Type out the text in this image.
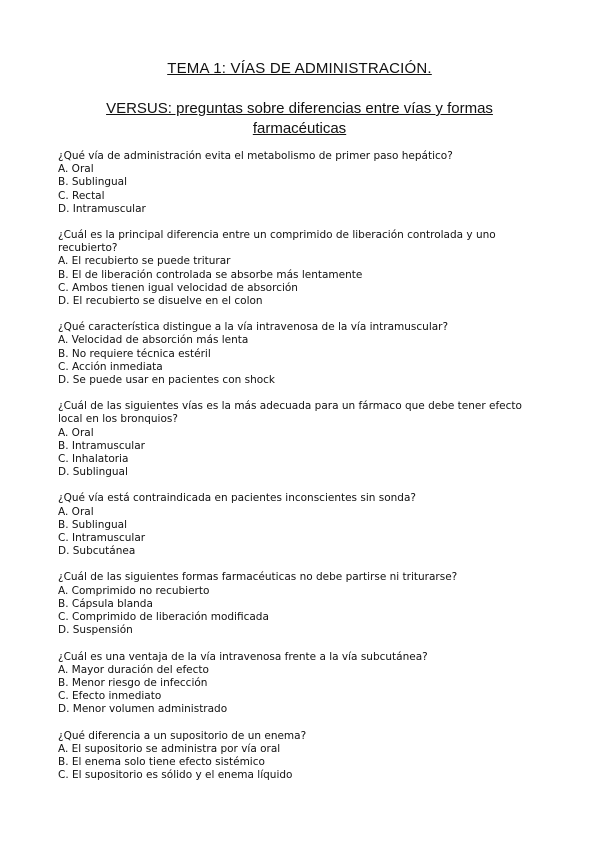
TEMA 1: VÍAS DE ADMINISTRACIÓN.
VERSUS: preguntas sobre diferencias entre vías y formas farmacéuticas
¿Qué vía de administración evita el metabolismo de primer paso hepático?
A. Oral
B. Sublingual
C. Rectal
D. Intramuscular
¿Cuál es la principal diferencia entre un comprimido de liberación controlada y uno recubierto?
A. El recubierto se puede triturar
B. El de liberación controlada se absorbe más lentamente
C. Ambos tienen igual velocidad de absorción
D. El recubierto se disuelve en el colon
¿Qué característica distingue a la vía intravenosa de la vía intramuscular?
A. Velocidad de absorción más lenta
B. No requiere técnica estéril
C. Acción inmediata
D. Se puede usar en pacientes con shock
¿Cuál de las siguientes vías es la más adecuada para un fármaco que debe tener efecto local en los bronquios?
A. Oral
B. Intramuscular
C. Inhalatoria
D. Sublingual
¿Qué vía está contraindicada en pacientes inconscientes sin sonda?
A. Oral
B. Sublingual
C. Intramuscular
D. Subcutánea
¿Cuál de las siguientes formas farmacéuticas no debe partirse ni triturarse?
A. Comprimido no recubierto
B. Cápsula blanda
C. Comprimido de liberación modificada
D. Suspensión
¿Cuál es una ventaja de la vía intravenosa frente a la vía subcutánea?
A. Mayor duración del efecto
B. Menor riesgo de infección
C. Efecto inmediato
D. Menor volumen administrado
¿Qué diferencia a un supositorio de un enema?
A. El supositorio se administra por vía oral
B. El enema solo tiene efecto sistémico
C. El supositorio es sólido y el enema líquido
